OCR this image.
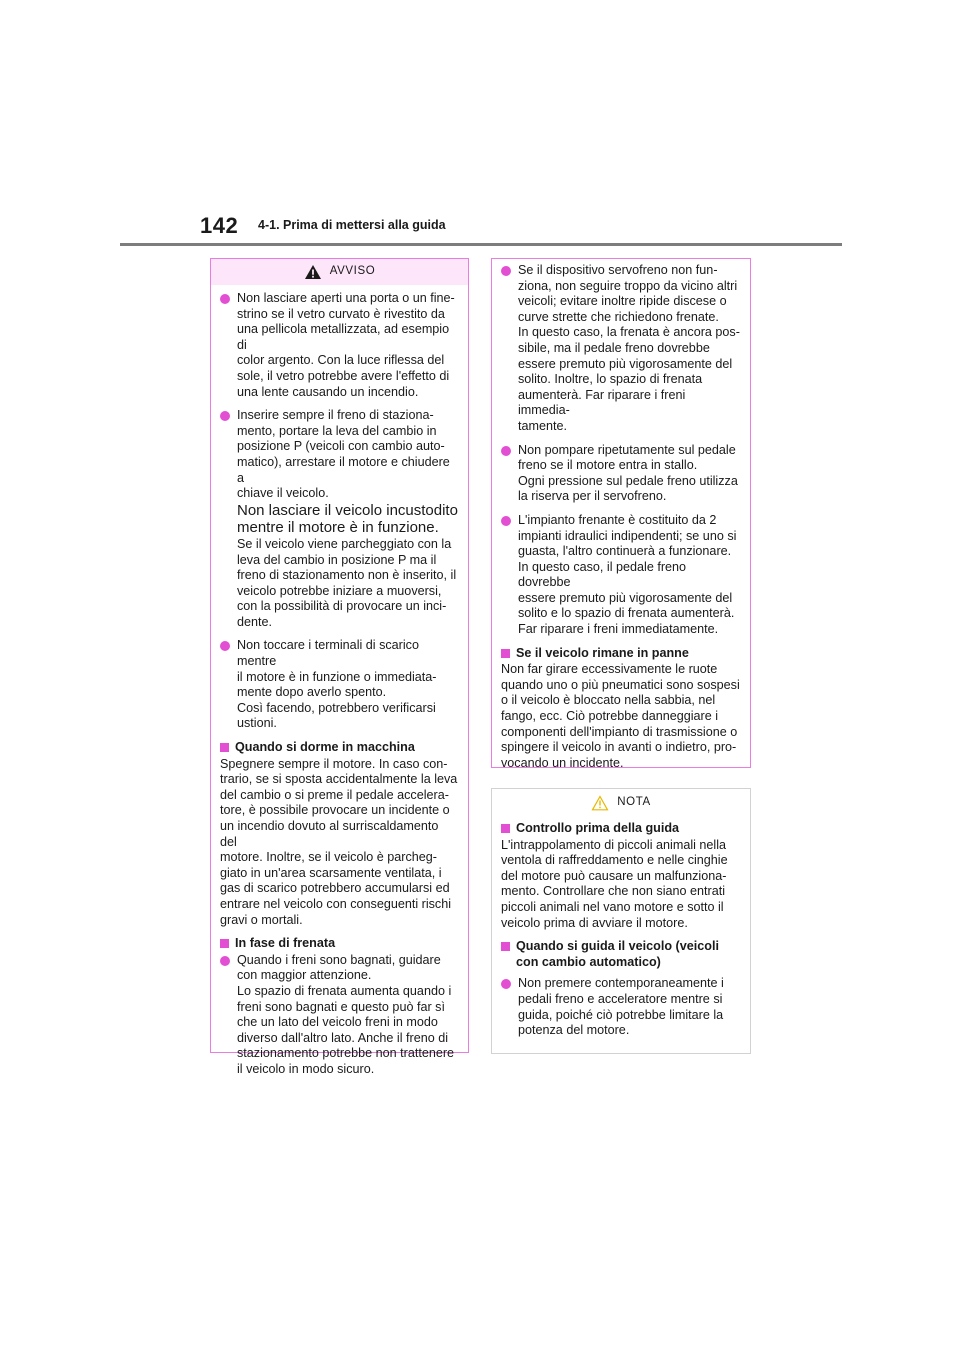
142 4-1. Prima di mettersi alla guida
AVVISO
Non lasciare aperti una porta o un fine-
strino se il vetro curvato è rivestito da
una pellicola metallizzata, ad esempio di
color argento. Con la luce riflessa del
sole, il vetro potrebbe avere l'effetto di
una lente causando un incendio.
Inserire sempre il freno di staziona-
mento, portare la leva del cambio in
posizione P (veicoli con cambio auto-
matico), arrestare il motore e chiudere a
chiave il veicolo.
Non lasciare il veicolo incustodito
mentre il motore è in funzione.
Se il veicolo viene parcheggiato con la
leva del cambio in posizione P ma il
freno di stazionamento non è inserito, il
veicolo potrebbe iniziare a muoversi,
con la possibilità di provocare un inci-
dente.
Non toccare i terminali di scarico mentre
il motore è in funzione o immediata-
mente dopo averlo spento.
Così facendo, potrebbero verificarsi
ustioni.
Quando si dorme in macchina
Spegnere sempre il motore. In caso con-
trario, se si sposta accidentalmente la leva
del cambio o si preme il pedale accelera-
tore, è possibile provocare un incidente o
un incendio dovuto al surriscaldamento del
motore. Inoltre, se il veicolo è parcheg-
giato in un'area scarsamente ventilata, i
gas di scarico potrebbero accumularsi ed
entrare nel veicolo con conseguenti rischi
gravi o mortali.
In fase di frenata
Quando i freni sono bagnati, guidare
con maggior attenzione.
Lo spazio di frenata aumenta quando i
freni sono bagnati e questo può far sì
che un lato del veicolo freni in modo
diverso dall'altro lato. Anche il freno di
stazionamento potrebbe non trattenere
il veicolo in modo sicuro.
Se il dispositivo servofreno non fun-
ziona, non seguire troppo da vicino altri
veicoli; evitare inoltre ripide discese o
curve strette che richiedono frenate.
In questo caso, la frenata è ancora pos-
sibile, ma il pedale freno dovrebbe
essere premuto più vigorosamente del
solito. Inoltre, lo spazio di frenata
aumenterà. Far riparare i freni immedia-
tamente.
Non pompare ripetutamente sul pedale
freno se il motore entra in stallo.
Ogni pressione sul pedale freno utilizza
la riserva per il servofreno.
L'impianto frenante è costituito da 2
impianti idraulici indipendenti; se uno si
guasta, l'altro continuerà a funzionare.
In questo caso, il pedale freno dovrebbe
essere premuto più vigorosamente del
solito e lo spazio di frenata aumenterà.
Far riparare i freni immediatamente.
Se il veicolo rimane in panne
Non far girare eccessivamente le ruote
quando uno o più pneumatici sono sospesi
o il veicolo è bloccato nella sabbia, nel
fango, ecc. Ciò potrebbe danneggiare i
componenti dell'impianto di trasmissione o
spingere il veicolo in avanti o indietro, pro-
vocando un incidente.
NOTA
Controllo prima della guida
L'intrappolamento di piccoli animali nella
ventola di raffreddamento e nelle cinghie
del motore può causare un malfunziona-
mento. Controllare che non siano entrati
piccoli animali nel vano motore e sotto il
veicolo prima di avviare il motore.
Quando si guida il veicolo (veicoli
con cambio automatico)
Non premere contemporaneamente i
pedali freno e acceleratore mentre si
guida, poiché ciò potrebbe limitare la
potenza del motore.
